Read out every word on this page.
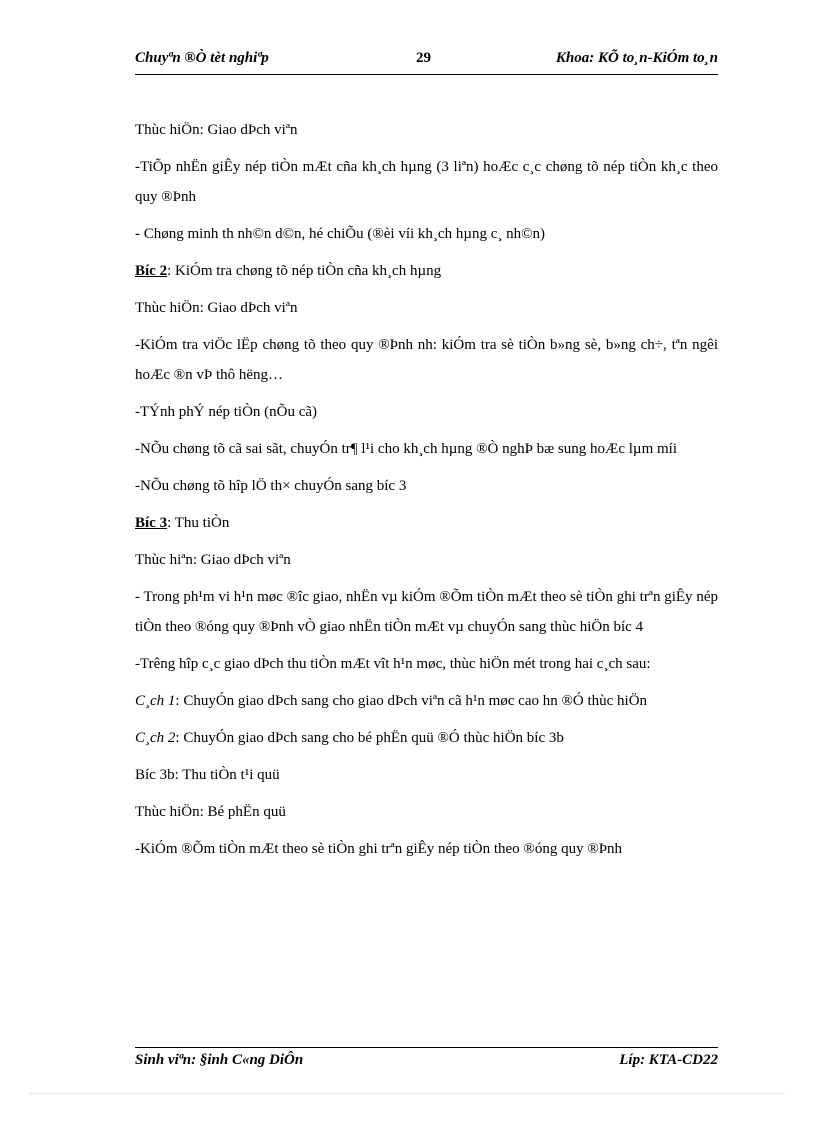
Chuyªn ®Ò tèt nghiªp	29	Khoa: KÕ to¸n-KiÓm to¸n

Thùc hiÖn: Giao dÞch viªn

-TiÕp nhËn giÊy nép tiÒn mÆt cña kh¸ch hµng (3 liªn) hoÆc c¸c chøng tõ nép tiÒn kh¸c theo quy ®Þnh

- Chøng minh th nh©n d©n, hé chiÕu (®èi víi kh¸ch hµng c¸ nh©n)

Bíc 2: KiÓm tra chøng tõ nép tiÒn cña kh¸ch hµng

Thùc hiÖn: Giao dÞch viªn

-KiÓm tra viÖc lËp chøng tõ theo quy ®Þnh nh: kiÓm tra sè tiÒn b»ng sè, b»ng ch÷, tªn ngêi hoÆc ®n vÞ thô hëng…

-TÝnh phÝ nép tiÒn (nÕu cã)

-NÕu chøng tõ cã sai sãt, chuyÓn tr¶ l¹i cho kh¸ch hµng ®Ò nghÞ bæ sung hoÆc lµm míi

-NÕu chøng tõ hîp lÖ th× chuyÓn sang bíc 3

Bíc 3: Thu tiÒn

Thùc hiªn: Giao dÞch viªn

- Trong ph¹m vi h¹n møc ®îc giao, nhËn vµ kiÓm ®Õm tiÒn mÆt theo sè tiÒn ghi trªn giÊy nép tiÒn theo ®óng quy ®Þnh vÒ giao nhËn tiÒn mÆt vµ chuyÓn sang thùc hiÖn bíc 4

-Trêng hîp c¸c giao dÞch thu tiÒn mÆt vît h¹n møc, thùc hiÖn mét trong hai c¸ch sau:

C¸ch 1: ChuyÓn giao dÞch sang cho giao dÞch viªn cã h¹n møc cao hn ®Ó thùc hiÖn

C¸ch 2: ChuyÓn giao dÞch sang cho bé phËn quü ®Ó thùc hiÖn bíc 3b

Bíc 3b: Thu tiÒn t¹i quü

Thùc hiÖn: Bé phËn quü

-KiÓm ®Õm tiÒn mÆt theo sè tiÒn ghi trªn giÊy nép tiÒn theo ®óng quy ®Þnh

Sinh viªn: §inh C«ng DiÔn	Líp: KTA-CD22
